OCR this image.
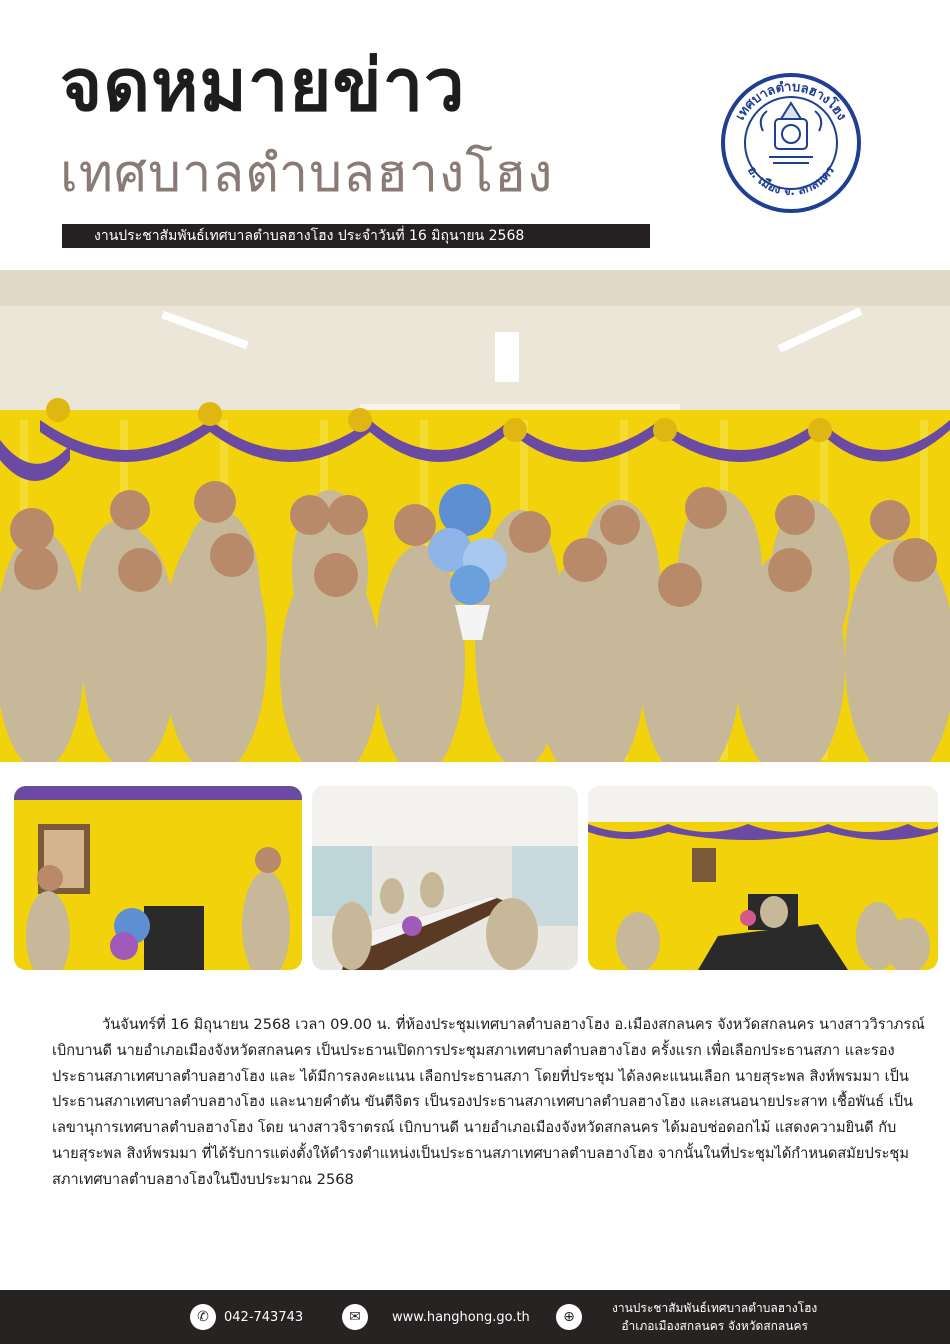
จดหมายข่าว
เทศบาลตำบลฮางโฮง
งานประชาสัมพันธ์เทศบาลตำบลฮางโฮง ประจำวันที่ 16 มิถุนายน 2568
เทศบาลตำบลฮางโฮง
อ. เมือง จ. สกลนคร

วันจันทร์ที่ 16 มิถุนายน 2568 เวลา 09.00 น. ที่ห้องประชุมเทศบาลตำบลฮางโฮง อ.เมืองสกลนคร จังหวัดสกลนคร นางสาววิราภรณ์ เบิกบานดี นายอำเภอเมืองจังหวัดสกลนคร เป็นประธานเปิดการประชุมสภาเทศบาลตำบลฮางโฮง ครั้งแรก เพื่อเลือกประธานสภา และรองประธานสภาเทศบาลตำบลฮางโฮง และ ได้มีการลงคะแนน เลือกประธานสภา โดยที่ประชุม ได้ลงคะแนนเลือก นายสุระพล สิงห์พรมมา เป็นประธานสภาเทศบาลตำบลฮางโฮง และนายคำตัน ขันตีจิตร เป็นรองประธานสภาเทศบาลตำบลฮางโฮง และเสนอนายประสาท เชื้อพันธ์ เป็นเลขานุการเทศบาลตำบลฮางโฮง โดย นางสาวจิราตรณ์ เบิกบานดี นายอำเภอเมืองจังหวัดสกลนคร ได้มอบช่อดอกไม้ แสดงความยินดี กับ นายสุระพล สิงห์พรมมา ที่ได้รับการแต่งตั้งให้ดำรงตำแหน่งเป็นประธานสภาเทศบาลตำบลฮางโฮง จากนั้นในที่ประชุมได้กำหนดสมัยประชุมสภาเทศบาลตำบลฮางโฮงในปีงบประมาณ 2568

✆	042-743743	✉	www.hanghong.go.th	⊕
งานประชาสัมพันธ์เทศบาลตำบลฮางโฮง
อำเภอเมืองสกลนคร จังหวัดสกลนคร
